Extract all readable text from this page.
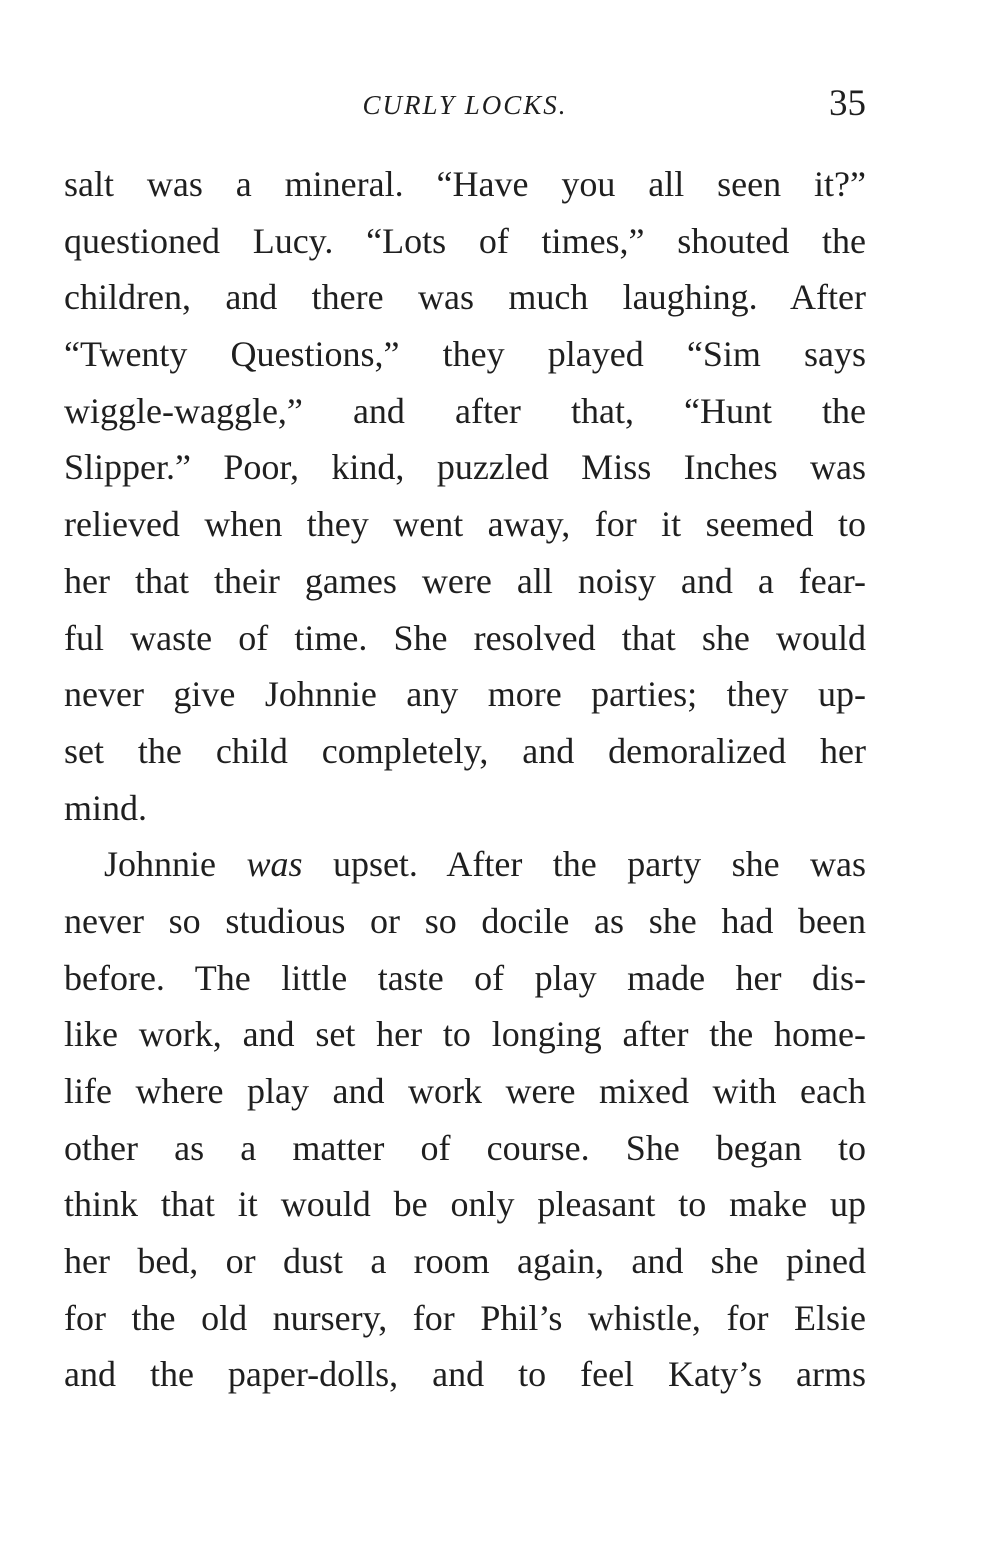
CURLY LOCKS.	35
salt was a mineral. “Have you all seen it?”
questioned Lucy. “Lots of times,” shouted the
children, and there was much laughing. After
“Twenty Questions,” they played “Sim says
wiggle-waggle,” and after that, “Hunt the
Slipper.” Poor, kind, puzzled Miss Inches was
relieved when they went away, for it seemed to
her that their games were all noisy and a fear-
ful waste of time. She resolved that she would
never give Johnnie any more parties; they up-
set the child completely, and demoralized her
mind.
Johnnie was upset. After the party she was
never so studious or so docile as she had been
before. The little taste of play made her dis-
like work, and set her to longing after the home-
life where play and work were mixed with each
other as a matter of course. She began to
think that it would be only pleasant to make up
her bed, or dust a room again, and she pined
for the old nursery, for Phil’s whistle, for Elsie
and the paper-dolls, and to feel Katy’s arms
